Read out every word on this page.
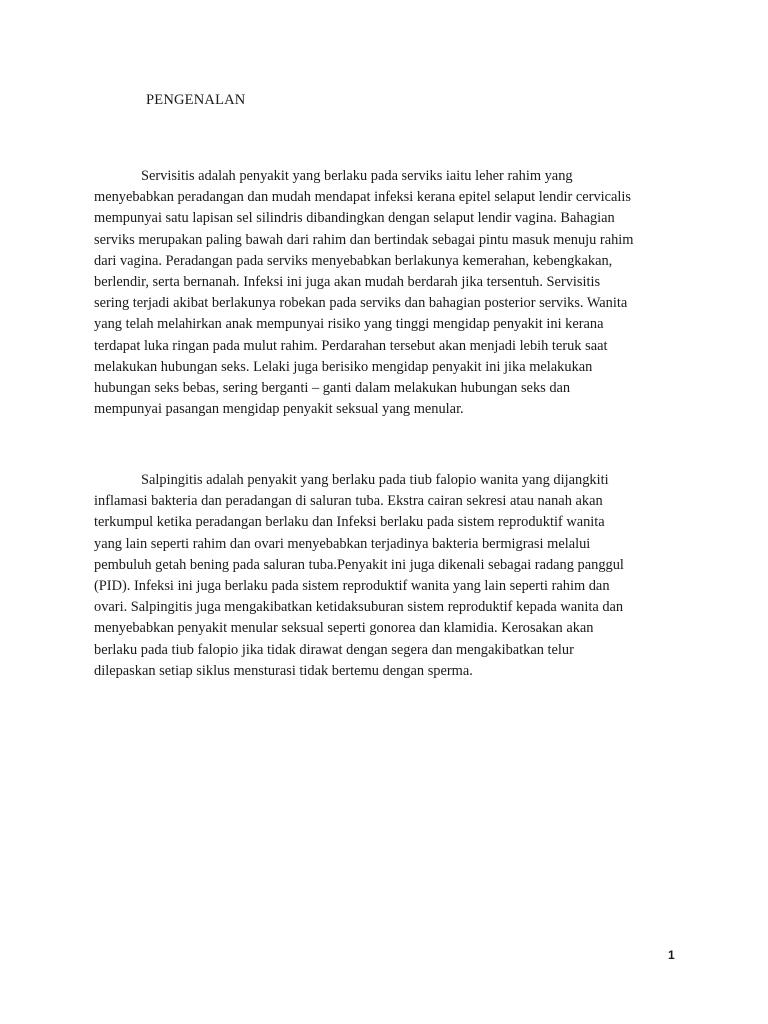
PENGENALAN
Servisitis adalah penyakit yang berlaku pada serviks iaitu leher rahim yang
menyebabkan peradangan dan mudah mendapat infeksi kerana epitel selaput lendir cervicalis
mempunyai satu lapisan sel silindris dibandingkan dengan selaput lendir vagina. Bahagian
serviks merupakan paling bawah dari rahim dan bertindak sebagai pintu masuk menuju rahim
dari vagina. Peradangan pada serviks menyebabkan berlakunya kemerahan, kebengkakan,
berlendir, serta bernanah. Infeksi ini juga akan mudah berdarah jika tersentuh. Servisitis
sering terjadi akibat berlakunya robekan pada serviks dan bahagian posterior serviks. Wanita
yang telah melahirkan anak mempunyai risiko yang tinggi mengidap penyakit ini kerana
terdapat luka ringan pada mulut rahim. Perdarahan tersebut akan menjadi lebih teruk saat
melakukan hubungan seks. Lelaki juga berisiko mengidap penyakit ini jika melakukan
hubungan seks bebas, sering berganti – ganti dalam melakukan hubungan seks dan
mempunyai pasangan mengidap penyakit seksual yang menular.
Salpingitis adalah penyakit yang berlaku pada tiub falopio wanita yang dijangkiti
inflamasi bakteria dan peradangan di saluran tuba. Ekstra cairan sekresi atau nanah akan
terkumpul ketika peradangan berlaku dan Infeksi berlaku pada sistem reproduktif wanita
yang lain seperti rahim dan ovari menyebabkan terjadinya bakteria bermigrasi melalui
pembuluh getah bening pada saluran tuba.Penyakit ini juga dikenali sebagai radang panggul
(PID). Infeksi ini juga berlaku pada sistem reproduktif wanita yang lain seperti rahim dan
ovari. Salpingitis juga mengakibatkan ketidaksuburan sistem reproduktif kepada wanita dan
menyebabkan penyakit menular seksual seperti gonorea dan klamidia. Kerosakan akan
berlaku pada tiub falopio jika tidak dirawat dengan segera dan mengakibatkan telur
dilepaskan setiap siklus mensturasi tidak bertemu dengan sperma.
1
